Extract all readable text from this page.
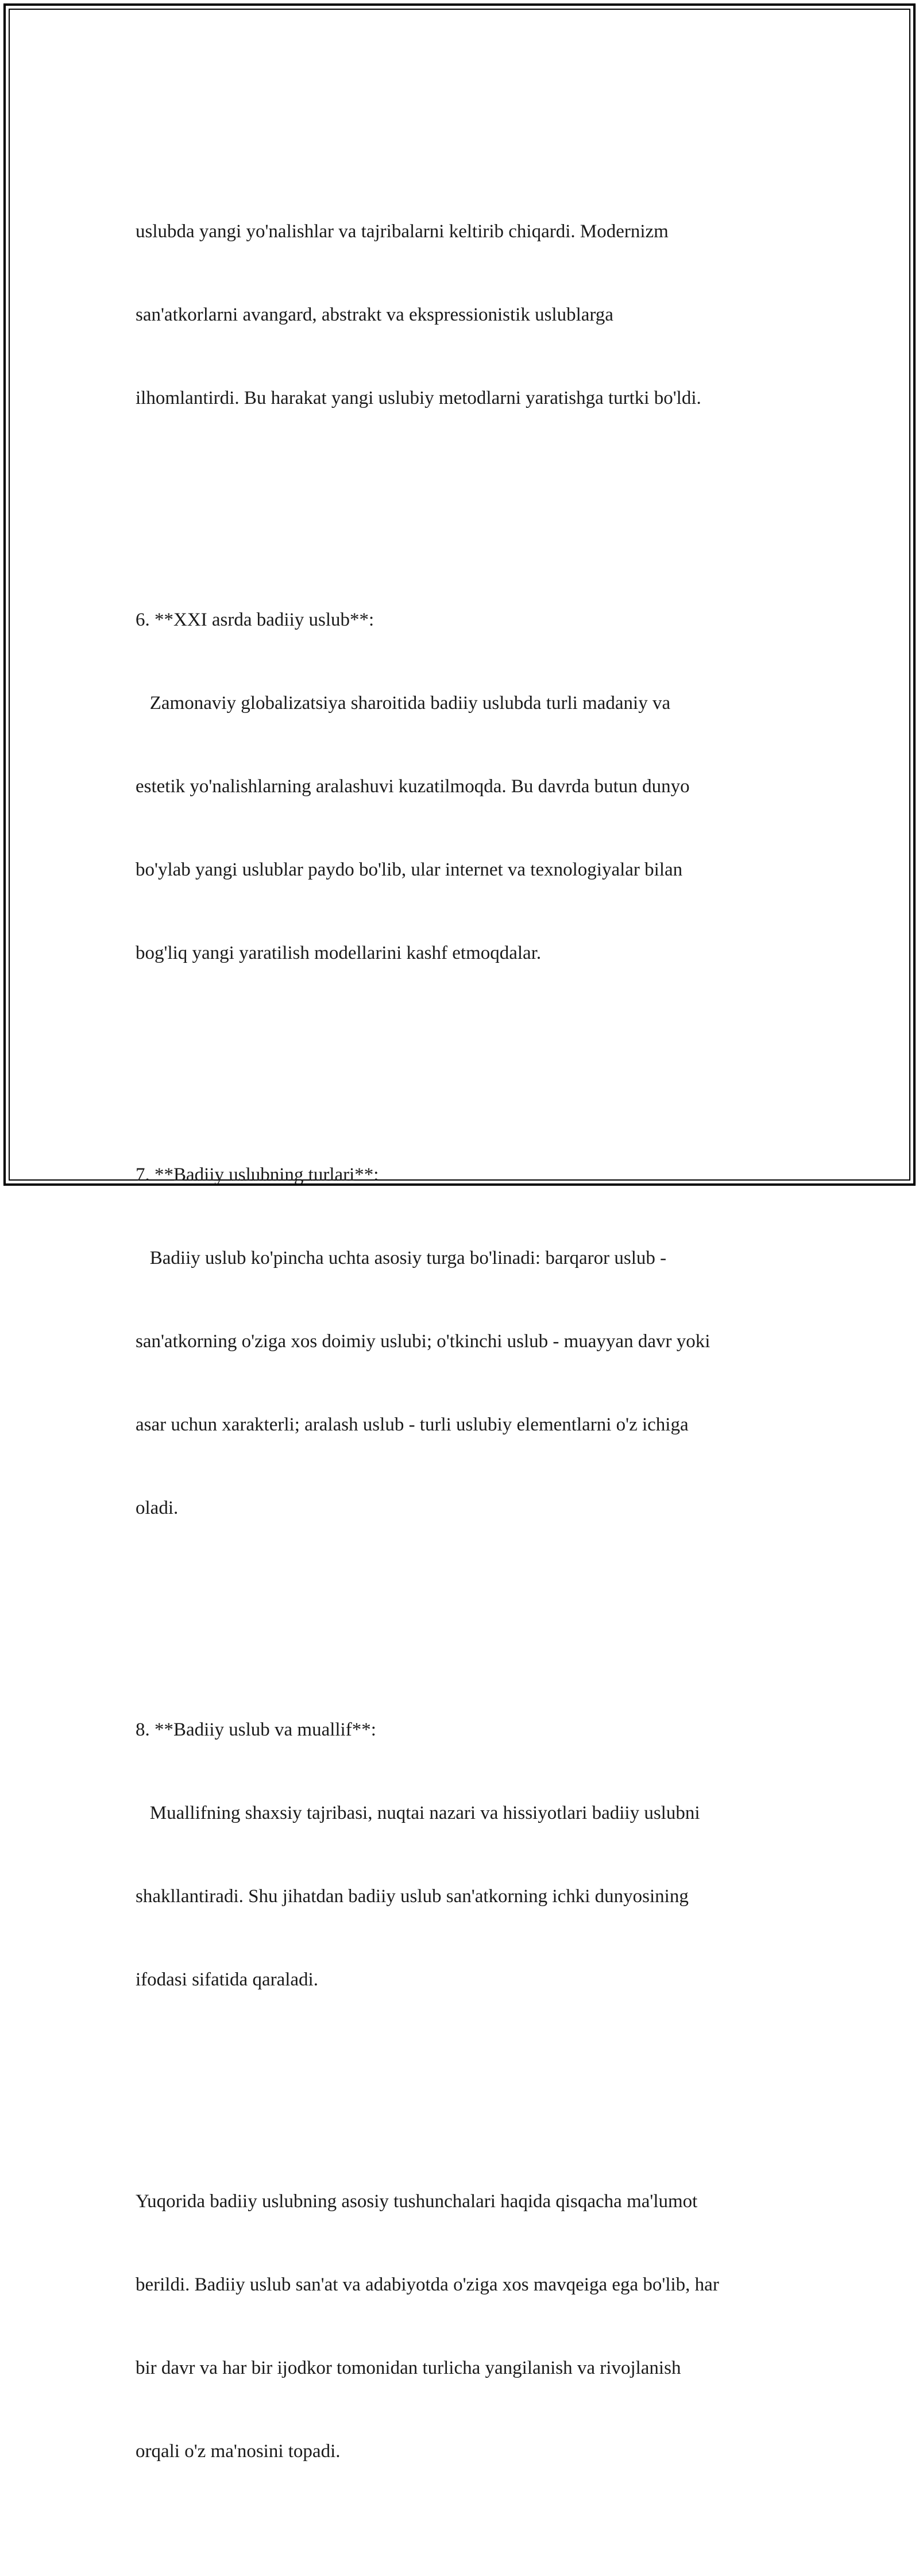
uslubda yangi yo'nalishlar va tajribalarni keltirib chiqardi. Modernizm

san'atkorlarni avangard, abstrakt va ekspressionistik uslublarga

ilhomlantirdi. Bu harakat yangi uslubiy metodlarni yaratishga turtki bo'ldi.

6. **XXI asrda badiiy uslub**:

Zamonaviy globalizatsiya sharoitida badiiy uslubda turli madaniy va

estetik yo'nalishlarning aralashuvi kuzatilmoqda. Bu davrda butun dunyo

bo'ylab yangi uslublar paydo bo'lib, ular internet va texnologiyalar bilan

bog'liq yangi yaratilish modellarini kashf etmoqdalar.

7. **Badiiy uslubning turlari**:

Badiiy uslub ko'pincha uchta asosiy turga bo'linadi: barqaror uslub -

san'atkorning o'ziga xos doimiy uslubi; o'tkinchi uslub - muayyan davr yoki

asar uchun xarakterli; aralash uslub - turli uslubiy elementlarni o'z ichiga

oladi.

8. **Badiiy uslub va muallif**:

Muallifning shaxsiy tajribasi, nuqtai nazari va hissiyotlari badiiy uslubni

shakllantiradi. Shu jihatdan badiiy uslub san'atkorning ichki dunyosining

ifodasi sifatida qaraladi.

Yuqorida badiiy uslubning asosiy tushunchalari haqida qisqacha ma'lumot

berildi. Badiiy uslub san'at va adabiyotda o'ziga xos mavqeiga ega bo'lib, har

bir davr va har bir ijodkor tomonidan turlicha yangilanish va rivojlanish

orqali o'z ma'nosini topadi.
